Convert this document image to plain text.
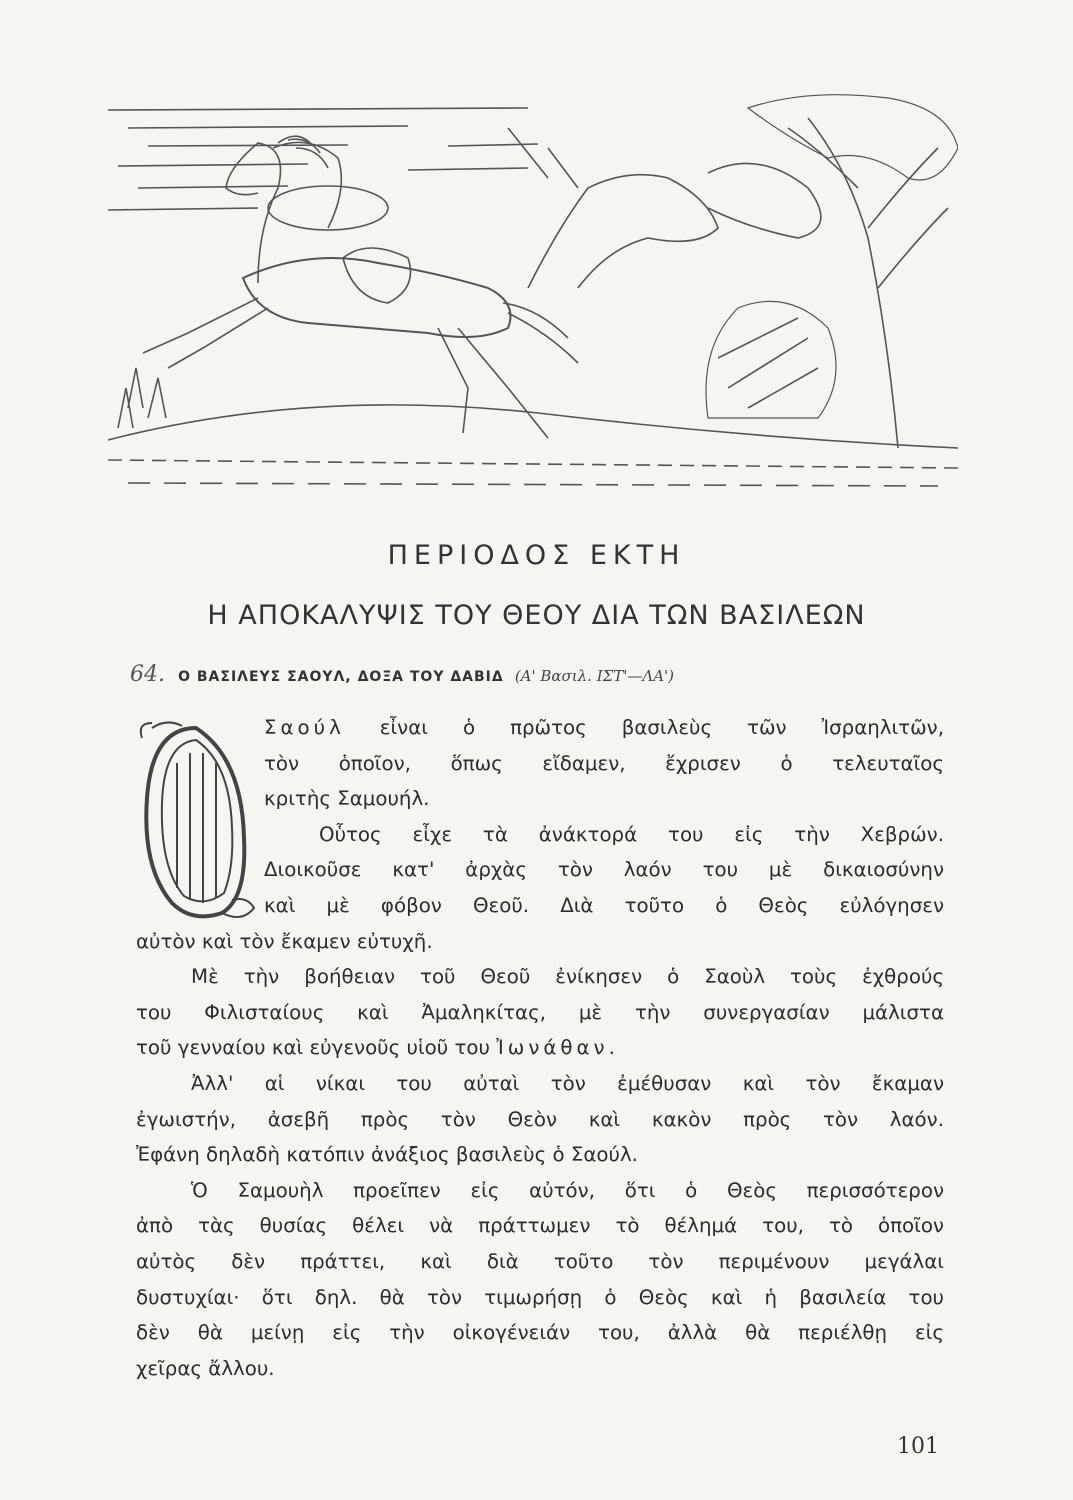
ΠΕΡΙΟΔΟΣ ΕΚΤΗ
Η ΑΠΟΚΑΛΥΨΙΣ ΤΟΥ ΘΕΟΥ ΔΙΑ ΤΩΝ ΒΑΣΙΛΕΩΝ
64. Ο ΒΑΣΙΛΕΥΣ ΣΑΟΥΛ, ΔΟΞΑ ΤΟΥ ΔΑΒΙΔ (Α' Βασιλ. ΙΣΤ'—ΛΑ')

Σαούλ εἶναι ὁ πρῶτος βασιλεὺς τῶν Ἰσραηλιτῶν,

τὸν ὁποῖον, ὅπως εἴδαμεν, ἔχρισεν ὁ τελευταῖος

κριτὴς Σαμουήλ.

Οὗτος εἶχε τὰ ἀνάκτορά του εἰς τὴν Χεβρών.

Διοικοῦσε κατ' ἀρχὰς τὸν λαόν του μὲ δικαιοσύνην

καὶ μὲ φόβον Θεοῦ. Διὰ τοῦτο ὁ Θεὸς εὐλόγησεν

αὐτὸν καὶ τὸν ἔκαμεν εὐτυχῆ.

Μὲ τὴν βοήθειαν τοῦ Θεοῦ ἐνίκησεν ὁ Σαοὺλ τοὺς ἐχθρούς

του Φιλισταίους καὶ Ἀμαληκίτας, μὲ τὴν συνεργασίαν μάλιστα

τοῦ γενναίου καὶ εὐγενοῦς υἱοῦ του Ἰωνάθαν.

Ἀλλ' αἱ νίκαι του αὐταὶ τὸν ἐμέθυσαν καὶ τὸν ἔκαμαν

ἐγωιστήν, ἀσεβῆ πρὸς τὸν Θεὸν καὶ κακὸν πρὸς τὸν λαόν.

Ἐφάνη δηλαδὴ κατόπιν ἀνάξιος βασιλεὺς ὁ Σαούλ.

Ὁ Σαμουὴλ προεῖπεν εἰς αὐτόν, ὅτι ὁ Θεὸς περισσότερον

ἀπὸ τὰς θυσίας θέλει νὰ πράττωμεν τὸ θέλημά του, τὸ ὁποῖον

αὐτὸς δὲν πράττει, καὶ διὰ τοῦτο τὸν περιμένουν μεγάλαι

δυστυχίαι· ὅτι δηλ. θὰ τὸν τιμωρήσῃ ὁ Θεὸς καὶ ἡ βασιλεία του

δὲν θὰ μείνῃ εἰς τὴν οἰκογένειάν του, ἀλλὰ θὰ περιέλθῃ εἰς

χεῖρας ἄλλου.

101
